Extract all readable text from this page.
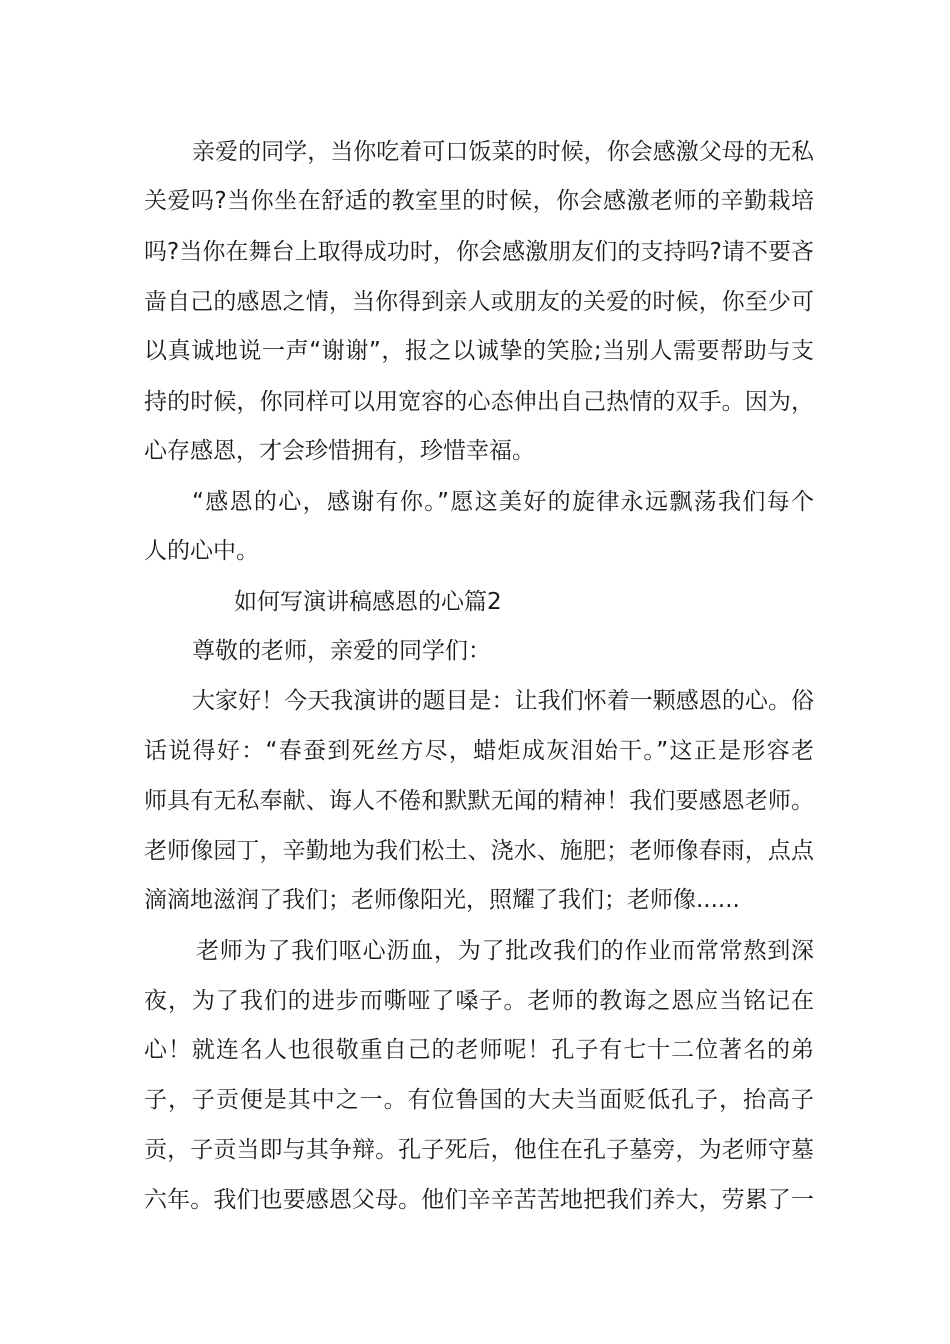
亲爱的同学，当你吃着可口饭菜的时候，你会感激父母的无私
关爱吗?当你坐在舒适的教室里的时候，你会感激老师的辛勤栽培
吗?当你在舞台上取得成功时，你会感激朋友们的支持吗?请不要吝
啬自己的感恩之情，当你得到亲人或朋友的关爱的时候，你至少可
以真诚地说一声“谢谢”，报之以诚挚的笑脸;当别人需要帮助与支
持的时候，你同样可以用宽容的心态伸出自己热情的双手。因为，
心存感恩，才会珍惜拥有，珍惜幸福。
“感恩的心，感谢有你。”愿这美好的旋律永远飘荡我们每个
人的心中。
如何写演讲稿感恩的心篇2
尊敬的老师，亲爱的同学们：
大家好！今天我演讲的题目是：让我们怀着一颗感恩的心。俗
话说得好：“春蚕到死丝方尽，蜡炬成灰泪始干。”这正是形容老
师具有无私奉献、诲人不倦和默默无闻的精神！我们要感恩老师。
老师像园丁，辛勤地为我们松土、浇水、施肥；老师像春雨，点点
滴滴地滋润了我们；老师像阳光，照耀了我们；老师像......
老师为了我们呕心沥血，为了批改我们的作业而常常熬到深
夜，为了我们的进步而嘶哑了嗓子。老师的教诲之恩应当铭记在
心！就连名人也很敬重自己的老师呢！孔子有七十二位著名的弟
子，子贡便是其中之一。有位鲁国的大夫当面贬低孔子，抬高子
贡，子贡当即与其争辩。孔子死后，他住在孔子墓旁，为老师守墓
六年。我们也要感恩父母。他们辛辛苦苦地把我们养大，劳累了一
